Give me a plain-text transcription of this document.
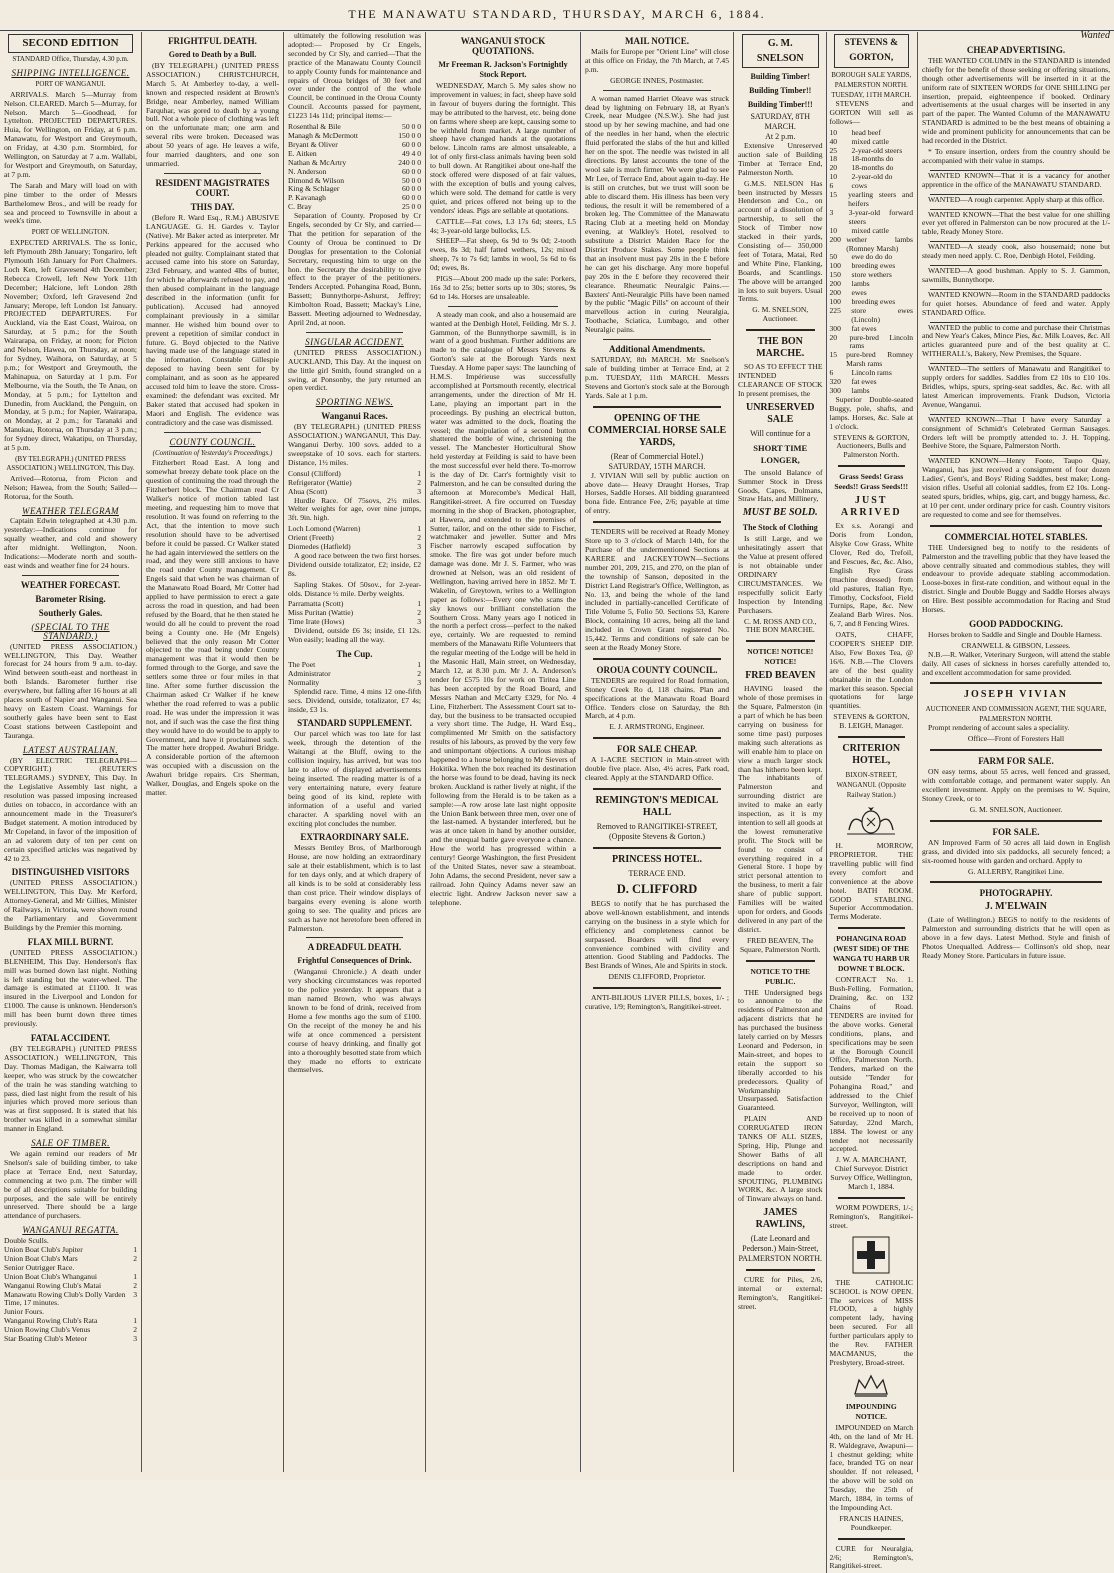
THE MANAWATU STANDARD, THURSDAY, MARCH 6, 1884.
SECOND EDITION
STANDARD Office, Thursday, 4.30 p.m.
SHIPPING INTELLIGENCE.
PORT OF WANGANUI.
ARRIVALS. March 5—Murray from Nelson. CLEARED. March 5—Murray, for Nelson. March 5—Goodhead, for Lyttelton. PROJECTED DEPARTURES. Huia, for Wellington, on Friday, at 6 p.m. Manawatu, for Westport and Greymouth, on Friday, at 4.30 p.m. Stormbird, for Wellington, on Saturday at 7 a.m. Wallabi, for Westport and Greymouth, on Saturday, at 7 p.m.
The Sarah and Mary will load on with pine timber to the order of Messrs Barthelomew Bros., and will be ready for sea and proceed to Townsville in about a week's time.
PORT OF WELLINGTON.
EXPECTED ARRIVALS. The ss Ionic, left Plymouth 28th January; Tongariro, left Plymouth 16th January for Port Chalmers. Loch Ken, left Gravesend 4th December; Rebecca Crowell, left New York 11th December; Halcione, left London 28th November; Oxford, left Gravesend 2nd January; Merope, left London 1st January. PROJECTED DEPARTURES. For Auckland, via the East Coast, Wairoa, on Saturday, at 5 p.m.; for the South Wairarapa, on Friday, at noon; for Picton and Nelson, Hawea, on Thursday, at noon; for Sydney, Waihora, on Saturday, at 5 p.m.; for Westport and Greymouth, the Mahinapua, on Saturday at 1 p.m. For Melbourne, via the South, the Te Anau, on Monday, at 5 p.m.; for Lyttelton and Dunedin, from Auckland, the Penguin, on Monday, at 5 p.m.; for Napier, Wairarapa, on Monday, at 2 p.m.; for Taranaki and Manukau, Rotorua, on Thursday at 3 p.m.; for Sydney direct, Wakatipu, on Thursday, at 5 p.m.
(BY TELEGRAPH.) (UNITED PRESS ASSOCIATION.) WELLINGTON, This Day.
Arrived—Rotorua, from Picton and Nelson; Hawea, from the South; Sailed—Rotorua, for the South.
WEATHER TELEGRAM
Captain Edwin telegraphed at 4.30 p.m. yesterday:—Indications continue for squally weather, and cold and showery after midnight. Wellington, Noon. Indications:—Moderate north and south-east winds and weather fine for 24 hours.
WEATHER FORECAST.
Barometer Rising.
Southerly Gales.
(SPECIAL TO THE STANDARD.)
(UNITED PRESS ASSOCIATION.) WELLINGTON, This Day. Weather forecast for 24 hours from 9 a.m. to-day. Wind between south-east and northeast in both Islands. Barometer further rise everywhere, but falling after 16 hours at all places south of Napier and Wanganui. Sea heavy on Eastern Coast. Warnings for southerly gales have been sent to East Coast stations between Castlepoint and Tauranga.
LATEST AUSTRALIAN.
(BY ELECTRIC TELEGRAPH—COPYRIGHT.) (REUTER'S TELEGRAMS.) SYDNEY, This Day. In the Legislative Assembly last night, a resolution was passed imposing increased duties on tobacco, in accordance with an announcement made in the Treasurer's Budget statement. A motion introduced by Mr Copeland, in favor of the imposition of an ad valorem duty of ten per cent on certain specified articles was negatived by 42 to 23.
DISTINGUISHED VISITORS
(UNITED PRESS ASSOCIATION.) WELLINGTON, This Day. Mr Kerford, Attorney-General, and Mr Gillies, Minister of Railways, in Victoria, were shown round the Parliamentary and Government Buildings by the Premier this morning.
FLAX MILL BURNT.
(UNITED PRESS ASSOCIATION.) BLENHEIM, This Day. Henderson's flax mill was burned down last night. Nothing is left standing but the water-wheel. The damage is estimated at £1100. It was insured in the Liverpool and London for £1000. The cause is unknown. Henderson's mill has been burnt down three times previously.
FATAL ACCIDENT.
(BY TELEGRAPH.) (UNITED PRESS ASSOCIATION.) WELLINGTON, This Day. Thomas Madigan, the Kaiwarra toll keeper, who was struck by the cowcatcher of the train he was standing watching to pass, died last night from the result of his injuries which proved more serious than was at first supposed. It is stated that his brother was killed in a somewhat similar manner in England.
SALE OF TIMBER.
We again remind our readers of Mr Snelson's sale of building timber, to take place at Terrace End, next Saturday, commencing at two p.m. The timber will be of all descriptions suitable for building purposes, and the sale will be entirely unreserved. There should be a large attendance of purchasers.
WANGANUI REGATTA.
Double Sculls.
Union Boat Club's Jupiter	1
Union Boat Club's Mars	2
Senior Outrigger Race.
Union Boat Club's Whanganui	1
Wanganui Rowing Club's Matai	2
Manawatu Rowing Club's Dolly Varden	3
Time, 17 minutes.
Junior Fours.
Wanganui Rowing Club's Rata	1
Union Rowing Club's Venus	2
Star Boating Club's Meteor	3
FRIGHTFUL DEATH.
Gored to Death by a Bull.
(BY TELEGRAPH.) (UNITED PRESS ASSOCIATION.) CHRISTCHURCH, March 5. At Amberley to-day, a well-known and respected resident at Brown's Bridge, near Amberley, named William Farquhar, was gored to death by a young bull. Not a whole piece of clothing was left on the unfortunate man; one arm and several ribs were broken. Deceased was about 50 years of age. He leaves a wife, four married daughters, and one son unmarried.
RESIDENT MAGISTRATES COURT.
THIS DAY.
(Before R. Ward Esq., R.M.) ABUSIVE LANGUAGE. G. H. Gardes v. Taylor (Native). Mr Baker acted as interpreter. Mr Perkins appeared for the accused who pleaded not guilty. Complainant stated that accused came into his store on Saturday, 23rd February, and wanted 4lbs of butter, for which he afterwards refused to pay, and then abused complainant in the language described in the information (unfit for publication). Accused had annoyed complainant previously in a similar manner. He wished him bound over to prevent a repetition of similar conduct in future. G. Boyd objected to the Native having made use of the language stated in the information. Constable Gillespie deposed to having been sent for by complainant, and as soon as he appeared accused told him to leave the store. Cross-examined: the defendant was excited. Mr Baker stated that accused had spoken in Maori and English. The evidence was contradictory and the case was dismissed.
COUNTY COUNCIL.
(Continuation of Yesterday's Proceedings.)
Fitzherbert Road East. A long and somewhat breezy debate took place on the question of continuing the road through the Fitzherbert block. The Chairman read Cr Walker's notice of motion tabled last meeting, and requesting him to move that resolution. It was found on referring to the Act, that the intention to move such resolution should have to be advertised before it could be passed. Cr Walker stated he had again interviewed the settlers on the road, and they were still anxious to have the road under County management. Cr Engels said that when he was chairman of the Manawatu Road Board, Mr Cotter had applied to have permission to erect a gate across the road in question, and had been refused by the Board, that he then stated he would do all he could to prevent the road being a County one. He (Mr Engels) believed that the only reason Mr Cotter objected to the road being under County management was that it would then be formed through to the Gorge, and save the settlers some three or four miles in that line. After some further discussion the Chairman asked Cr Walker if he knew whether the road referred to was a public road. He was under the impression it was not, and if such was the case the first thing they would have to do would be to apply to Government, and have it proclaimed such. The matter here dropped. Awahuri Bridge. A considerable portion of the afternoon was occupied with a discussion on the Awahuri bridge repairs. Crs Sherman, Walker, Douglas, and Engels spoke on the matter.
ultimately the following resolution was adopted:— Proposed by Cr Engels, seconded by Cr Sly, and carried—That the practice of the Manawatu County Council to apply County funds for maintenance and repairs of Oroua bridges of 30 feet and over under the control of the whole Council, be continued in the Oroua County Council. Accounts passed for payment, £1223 14s 11d; principal items:—
Rosenthal & Bile	50 0 0
Managh & McDermott	150 0 0
Bryant & Oliver	60 0 0
E. Aitken	49 4 0
Nathan & McArtry	240 0 0
N. Anderson	60 0 0
Dimond & Wilson	50 0 0
King & Schlager	60 0 0
P. Kavanagh	60 0 0
C. Bray	25 0 0
Separation of County. Proposed by Cr Engels, seconded by Cr Sly, and carried—That the petition for separation of the County of Oroua be continued to Dr Douglas for presentation to the Colonial Secretary, requesting him to urge on the hon. the Secretary the desirability to give effect to the prayer of the petitioners. Tenders Accepted. Pohangina Road, Bunn, Bassett; Bunnythorpe-Ashurst, Jeffrey; Kimbolton Road, Bassett; Mackay's Line, Bassett. Meeting adjourned to Wednesday, April 2nd, at noon.
SINGULAR ACCIDENT.
(UNITED PRESS ASSOCIATION.) AUCKLAND, This Day. At the inquest on the little girl Smith, found strangled on a swing, at Ponsonby, the jury returned an open verdict.
SPORTING NEWS.
Wanganui Races.
(BY TELEGRAPH.) (UNITED PRESS ASSOCIATION.) WANGANUI, This Day. Wanganui Derby. 100 sovs. added to a sweepstake of 10 sovs. each for starters. Distance, 1½ miles.
Consul (Clifford)	1
Refrigerator (Wattie)	2
Ahua (Scott)	3
Hurdle Race. Of 75sovs, 2½ miles. Welter weights for age, over nine jumps, 3ft. 9in. high.
Loch Lomond (Warren)	1
Orient (Freeth)	2
Diomedes (Hatfield)	3
A good race between the two first horses. Dividend outside totalizator, £2; inside, £2 8s.
Sapling Stakes. Of 50sov., for 2-year-olds. Distance ½ mile. Derby weights.
Parramatta (Scott)	1
Miss Puritan (Wattie)	2
Time Irate (Hows)	3
Dividend, outside £6 3s; inside, £1 12s. Won easily; leading all the way.
The Cup.
The Poet	1
Administrator	2
Normality	3
Splendid race. Time, 4 mins 12 one-fifth secs. Dividend, outside, totalizator, £7 4s; inside, £3 1s.
STANDARD SUPPLEMENT.
Our parcel which was too late for last week, through the detention of the Waitangi at the Bluff, owing to the collision inquiry, has arrived, but was too late to allow of displayed advertisements being inserted. The reading matter is of a very entertaining nature, every feature being good of its kind, replete with information of a useful and varied character. A sparkling novel with an exciting plot concludes the number.
EXTRAORDINARY SALE.
Messrs Bentley Bros, of Marlborough House, are now holding an extraordinary sale at their establishment, which is to last for ten days only, and at which drapery of all kinds is to be sold at considerably less than cost price. Their window displays of bargains every evening is alone worth going to see. The quality and prices are such as have not heretofore been offered in Palmerston.
A DREADFUL DEATH.
Frightful Consequences of Drink.
(Wanganui Chronicle.) A death under very shocking circumstances was reported to the police yesterday. It appears that a man named Brown, who was always known to be fond of drink, received from Home a few months ago the sum of £100. On the receipt of the money he and his wife at once commenced a persistent course of heavy drinking, and finally got into a thoroughly besotted state from which they made no efforts to extricate themselves.
WANGANUI STOCK QUOTATIONS.
Mr Freeman R. Jackson's Fortnightly Stock Report.
WEDNESDAY, March 5. My sales show no improvement in values; in fact, sheep have sold in favour of buyers during the fortnight. This may be attributed to the harvest, etc. being done on farms where sheep are kept, causing some to be withheld from market. A large number of sheep have changed hands at the quotations below. Lincoln rams are almost unsaleable, a lot of only first-class animals having been sold to bull down. At Rangitikei about one-half the stock offered were disposed of at fair values, with the exception of bulls and young calves, which were sold. The demand for cattle is very quiet, and prices offered not being up to the vendors' ideas. Pigs are sellable at quotations.
CATTLE—Fat cows, L3 17s 6d; steers, L5 4s; 3-year-old large bullocks, L5.
SHEEP—Fat sheep, 6s 9d to 9s 0d; 2-tooth ewes, 8s 3d; half fatted wethers, 12s; mixed sheep, 7s to 7s 6d; lambs in wool, 5s 6d to 6s 0d; ewes, 8s.
PIGS—About 200 made up the sale: Porkers, 16s 3d to 25s; better sorts up to 30s; stores, 9s 6d to 14s. Horses are unsaleable.
A steady man cook, and also a housemaid are wanted at the Denbigh Hotel, Feilding. Mr S. J. Gammon, of the Bunnythorpe sawmill, is in want of a good bushman. Further additions are made to the catalogue of Messrs Stevens & Gorton's sale at the Borough Yards next Tuesday. A Home paper says: The launching of H.M.S. Impérieuse was successfully accomplished at Portsmouth recently, electrical arrangements, under the direction of Mr H. Lane, playing an important part in the proceedings. By pushing an electrical button, water was admitted to the dock, floating the vessel; the manipulation of a second button shattered the bottle of wine, christening the vessel. The Manchester Horticultural Show held yesterday at Feilding is said to have been the most successful ever held there. To-morrow is the day of Dr. Carr's fortnightly visit to Palmerston, and he can be consulted during the afternoon at Morecombe's Medical Hall, Rangitikei-street. A fire occurred on Tuesday morning in the shop of Bracken, photographer, at Hawera, and extended to the premises of Sutter, tailor, and on the other side to Fischer, watchmaker and jeweller. Sutter and Mrs Fischer narrowly escaped suffocation by smoke. The fire was got under before much damage was done. Mr J. S. Farmer, who was drowned at Nelson, was an old resident of Wellington, having arrived here in 1852. Mr T. Wakelin, of Greytown, writes to a Wellington paper as follows:—Every one who scans the sky knows our brilliant constellation the Southern Cross. Many years ago I noticed in the north a perfect cross—perfect to the naked eye, certainly. We are requested to remind members of the Manawatu Rifle Volunteers that the regular meeting of the Lodge will be held in the Masonic Hall, Main street, on Wednesday, March 12, at 8.30 p.m. Mr J. A. Anderson's tender for £575 10s for work on Tiritea Line has been accepted by the Road Board, and Messrs Nathan and McCarty £329, for No. 4 Line, Fitzherbert. The Assessment Court sat to-day, but the business to be transacted occupied a very short time. The Judge, H. Ward Esq., complimented Mr Smith on the satisfactory results of his labours, as proved by the very few and unimportant objections. A curious mishap happened to a horse belonging to Mr Sievers of Hokitika. When the box reached its destination the horse was found to be dead, having its neck broken. Auckland is rather lively at night, if the following from the Herald is to be taken as a sample:—A row arose late last night opposite the Union Bank between three men, over one of the last-named. A bystander interfered, but he was at once taken in hand by another outsider, and the unequal battle gave everyone a chance. How the world has progressed within a century! George Washington, the first President of the United States, never saw a steamboat. John Adams, the second President, never saw a railroad. John Quincy Adams never saw an electric light. Andrew Jackson never saw a telephone.
MAIL NOTICE.
Mails for Europe per "Orient Line" will close at this office on Friday, the 7th March, at 7.45 p.m.
GEORGE INNES, Postmaster.
A woman named Harriet Oleave was struck dead by lightning on February 18, at Ryan's Creek, near Mudgee (N.S.W.). She had just stood up by her sewing machine, and had one of the needles in her hand, when the electric fluid perforated the slabs of the hut and killed her on the spot. The needle was twisted in all directions. By latest accounts the tone of the wool sale is much firmer. We were glad to see Mr Lee, of Terrace End, about again to-day. He is still on crutches, but we trust will soon be able to discard them. His illness has been very tedious, the result it will be remembered of a broken leg. The Committee of the Manawatu Racing Club at a meeting held on Monday evening, at Walkley's Hotel, resolved to substitute a District Maiden Race for the District Produce Stakes. Some people think that an insolvent must pay 20s in the £ before he can get his discharge. Any more hopeful pay 20s in the £ before they recovered their clearance. Rheumatic Neuralgic Pains.—Baxters' Anti-Neuralgic Pills have been named by the public "Magic Pills" on account of their marvellous action in curing Neuralgia, Toothache, Sciatica, Lumbago, and other Neuralgic pains.
Additional Amendments.
SATURDAY, 8th MARCH. Mr Snelson's sale of building timber at Terrace End, at 2 p.m. TUESDAY, 11th MARCH. Messrs Stevens and Gorton's stock sale at the Borough Yards. Sale at 1 p.m.
OPENING OF THE COMMERCIAL HORSE SALE YARDS,
(Rear of Commercial Hotel.)
SATURDAY, 15TH MARCH.
J. VIVIAN Will sell by public auction on above date— Heavy Draught Horses, Trap Horses, Saddle Horses. All bidding guaranteed bona fide. Entrance Fee, 2/6; payable at time of entry.
TENDERS will be received at Ready Money Store up to 3 o'clock of March 14th, for the Purchase of the undermentioned Sections at KARERE and JACKEYTOWN—Sections number 201, 209, 215, and 270, on the plan of the township of Sanson, deposited in the District Land Registrar's Office, Wellington, as No. 13, and being the whole of the land included in partially-cancelled Certificate of Title Volume 5, Folio 50. Sections 53, Karere Block, containing 10 acres, being all the land included in Crown Grant registered No. 15,442. Terms and conditions of sale can be seen at the Ready Money Store.
OROUA COUNTY COUNCIL.
TENDERS are required for Road formation, Stoney Creek Ro d, 118 chains. Plan and specifications at the Manawatu Road Board Office. Tenders close on Saturday, the 8th March, at 4 p.m.
E. J. ARMSTRONG, Engineer.
FOR SALE CHEAP.
A 1-ACRE SECTION in Main-street with double five place. Also, 4½ acres, Park road, cleared. Apply at the STANDARD Office.
REMINGTON'S MEDICAL HALL
Removed to RANGITIKEI-STREET,
(Opposite Stevens & Gorton.)
PRINCESS HOTEL.
TERRACE END.
D. CLIFFORD
BEGS to notify that he has purchased the above well-known establishment, and intends carrying on the business in a style which for efficiency and completeness cannot be surpassed. Boarders will find every convenience combined with civility and attention. Good Stabling and Paddocks. The Best Brands of Wines, Ale and Spirits in stock.
DENIS CLIFFORD, Proprietor.
ANTI-BILIOUS LIVER PILLS, boxes, 1/- ; curative, 1/9; Remington's, Rangitikei-street.
G. M. SNELSON
Building Timber!
Building Timber!!
Building Timber!!!
SATURDAY, 8TH MARCH.
At 2 p.m.
Extensive Unreserved auction sale of Building Timber at Terrace End, Palmerston North.
G.M.S. NELSON Has been instructed by Messrs Henderson and Co., on account of a dissolution of partnership, to sell the Stock of Timber now stacked in their yards, Consisting of— 350,000 feet of Totara, Matai, Red and White Pine, Flanking, Boards, and Scantlings. The above will be arranged in lots to suit buyers. Usual Terms.
G. M. SNELSON, Auctioneer.
THE BON MARCHE.
SO AS TO EFFECT THE INTENDED CLEARANCE OF STOCK In present premises, the
UNRESERVED SALE
Will continue for a
SHORT TIME LONGER,
The unsold Balance of Summer Stock in Dress Goods, Capes, Dolmans, Straw Hats, and Millinery,
MUST BE SOLD.
The Stock of Clothing
Is still Large, and we unhesitatingly assert that the Value at present offered is not obtainable under ORDINARY CIRCUMSTANCES. We respectfully solicit Early Inspection by Intending Purchasers.
C. M. ROSS AND CO., THE BON MARCHE.
NOTICE! NOTICE! NOTICE!
FRED BEAVEN
HAVING leased the whole of those premises in the Square, Palmerston (in a part of which he has been carrying on business for some time past) purposes making such alterations as will enable him to place on view a much larger stock than has hitherto been kept. The inhabitants of Palmerston and surrounding district are invited to make an early inspection, as it is my intention to sell all goods at the lowest remunerative profit. The Stock will be found to consist of everything required in a General Store. I hope by strict personal attention to the business, to merit a fair share of public support. Families will be waited upon for orders, and Goods delivered in any part of the district.
FRED BEAVEN, The Square, Palmerston North.
NOTICE TO THE PUBLIC.
THE Undersigned begs to announce to the residents of Palmerston and adjacent districts that he has purchased the business lately carried on by Messrs Leonard and Pederson, in Main-street, and hopes to retain the support so liberally accorded to his predecessors. Quality of Workmanship Unsurpassed. Satisfaction Guaranteed.
PLAIN AND CORRUGATED IRON TANKS OF ALL SIZES, Spring, Hip, Plunge and Shower Baths of all descriptions on hand and made to order. SPOUTING, PLUMBING WORK, &c. A large stock of Tinware always on hand.
JAMES RAWLINS,
(Late Leonard and Pederson.) Main-Street, PALMERSTON NORTH.
CURE for Piles, 2/6, internal or external; Remington's, Rangitikei-street.
STEVENS & GORTON,
BOROUGH SALE YARDS, PALMERSTON NORTH.
TUESDAY, 11TH MARCH.
STEVENS and GORTON Will sell as follows—
10	head beef
40	mixed cattle
25	2-year-old steers
18	18-months do
20	18-months do
10	2-year-old do
6	cows
15	yearling steers and heifers
3	3-year-old forward steers
10	mixed cattle
200 wether lambs (Romney Marsh)
50	ewe do do do
100	breeding ewes
150	store wethers
200	lambs
200	ewes
100	breeding ewes
225	store ewes (Lincoln)
300	fat ewes
20	pure-bred Lincoln rams
15	pure-bred Romney Marsh rams
6	Lincoln rams
320	fat ewes
300	lambs
Superior Double-seated Buggy, pole, shafts, and lamps. Horses, &c. Sale at 1 o'clock.
STEVENS & GORTON, Auctioneers, Bulls and Palmerston North.
Grass Seeds! Grass Seeds!! Grass Seeds!!!
JUST ARRIVED
Ex s.s. Aorangi and Doris from London, Alsyke Cow Grass, White Clover, Red do, Trefoil, and Fescues, &c, &c. Also, English Rye Grass (machine dressed) from old pastures, Italian Rye, Timothy, Cocksfoot, Field Turnips, Rape, &c. New Zealand Barb Wires. Nos. 6, 7, and 8 Fencing Wires.
OATS, CHAFF, COOPER'S SHEEP DIP. Also, Few Boxes Tea, @ 16/6. N.B.—The Clovers are of the best quality obtainable in the London market this season. Special quotations for large quantities.
STEVENS & GORTON, B. LEIGH, Manager.
CRITERION HOTEL,
BIXON-STREET, WANGANUI. (Opposite Railway Station.)
H. MORROW, PROPRIETOR. THE travelling public will find every comfort and convenience at the above hotel. BATH ROOM. GOOD STABLING. Superior Accommodation. Terms Moderate.
POHANGINA ROAD (WEST SIDE) OF THE WANGA TU HARB UR DOWNE T BLOCK.
CONTRACT No. 1. Bush-Felling, Formation, Draining, &c. on 132 Chains of Road. TENDERS are invited for the above works. General conditions, plans, and specifications may be seen at the Borough Council Office, Palmerston North. Tenders, marked on the outside "Tender for Pohangina Road," and addressed to the Chief Surveyor, Wellington, will be received up to noon of Saturday, 22nd March, 1884. The lowest or any tender not necessarily accepted.
J. W. A. MARCHANT, Chief Surveyor. District Survey Office, Wellington, March 1, 1884.
WORM POWDERS, 1/-; Remington's, Rangitikei-street.
THE CATHOLIC SCHOOL is NOW OPEN. The services of MISS FLOOD, a highly competent lady, having been secured. For all further particulars apply to the Rev. FATHER MACMANUS, the Presbytery, Broad-street.
IMPOUNDING NOTICE.
IMPOUNDED on March 4th, on the land of Mr H. R. Waldegrave, Awapuni— 1 chestnut gelding; white face, branded TG on near shoulder. If not released, the above will be sold on Tuesday, the 25th of March, 1884, in terms of the Impounding Act.
FRANCIS HAINES, Poundkeeper.
CURE for Neuralgia, 2/6; Remington's, Rangitikei-street.
Wanted
CHEAP ADVERTISING.
THE WANTED COLUMN in the STANDARD is intended chiefly for the benefit of those seeking or offering situations, though other advertisements will be inserted in it at the uniform rate of SIXTEEN WORDS for ONE SHILLING per insertion, prepaid, eighteenpence if booked. Ordinary advertisements at the usual charges will be inserted in any part of the paper. The Wanted Column of the MANAWATU STANDARD is admitted to be the best means of obtaining a wide and prominent publicity for announcements that can be had recorded in the District.
* To ensure insertion, orders from the country should be accompanied with their value in stamps.
WANTED KNOWN—That it is a vacancy for another apprentice in the office of the MANAWATU STANDARD.
WANTED—A rough carpenter. Apply sharp at this office.
WANTED KNOWN—That the best value for one shilling ever yet offered in Palmerston can be now procured at the 1/- table, Ready Money Store.
WANTED—A steady cook, also housemaid; none but steady men need apply. C. Roe, Denbigh Hotel, Feilding.
WANTED—A good bushman. Apply to S. J. Gammon, sawmills, Bunnythorpe.
WANTED KNOWN—Room in the STANDARD paddocks for quiet horses. Abundance of feed and water. Apply STANDARD Office.
WANTED the public to come and purchase their Christmas and New Year's Cakes, Mince Pies, &c. Milk Loaves, &c. All articles guaranteed pure and of the best quality at C. WITHERALL's, Bakery, New Premises, the Square.
WANTED—The settlers of Manawatu and Rangitikei to supply orders for saddles. Saddles from £2 10s to £10 10s. Bridles, whips, spurs, spring-seat saddles, &c. &c. with all latest American improvements. Frank Dudson, Victoria Avenue, Wanganui.
WANTED KNOWN—That I have every Saturday a consignment of Schmidt's Celebrated German Sausages. Orders left will be promptly attended to. J. H. Topping, Beehive Store, the Square, Palmerston North.
WANTED KNOWN—Henry Foote, Taupo Quay, Wanganui, has just received a consignment of four dozen Ladies', Gent's, and Boys' Riding Saddles, best make; Long-vision rifles. Useful all colonial saddles, from £2 10s. Long-seated spurs, bridles, whips, gig, cart, and buggy harness, &c. at 10 per cent. under ordinary price for cash. Country visitors are requested to come and see for themselves.
COMMERCIAL HOTEL STABLES.
THE Undersigned beg to notify to the residents of Palmerston and the travelling public that they have leased the above centrally situated and commodious stables, they will endeavour to provide adequate stabling accommodation. Loose-boxes in first-rate condition, and without equal in the district. Single and Double Buggy and Saddle Horses always on Hire. Best possible accommodation for Racing and Stud Horses.
GOOD PADDOCKING.
Horses broken to Saddle and Single and Double Harness.
CRANWELL & GIBSON, Lessees.
N.B.—R. Walker, Veterinary Surgeon, will attend the stable daily. All cases of sickness in horses carefully attended to, and excellent accommodation for same provided.
JOSEPH VIVIAN
AUCTIONEER AND COMMISSION AGENT, THE SQUARE, PALMERSTON NORTH.
Prompt rendering of account sales a speciality.
Office—Front of Foresters Hall
FARM FOR SALE.
ON easy terms, about 55 acres, well fenced and grassed, with comfortable cottage, and permanent water supply. An excellent investment. Apply on the premises to W. Squire, Stoney Creek, or to
G. M. SNELSON, Auctioneer.
FOR SALE.
AN Improved Farm of 50 acres all laid down in English grass, and divided into six paddocks, all securely fenced; a six-roomed house with garden and orchard. Apply to
G. ALLERBY, Rangitikei Line.
PHOTOGRAPHY.
J. M'ELWAIN
(Late of Wellington.) BEGS to notify to the residents of Palmerston and surrounding districts that he will open as above in a few days. Latest Method. Style and finish of Photos Unequalled. Address— Collinson's old shop, near Ready Money Store. Particulars in future issue.
